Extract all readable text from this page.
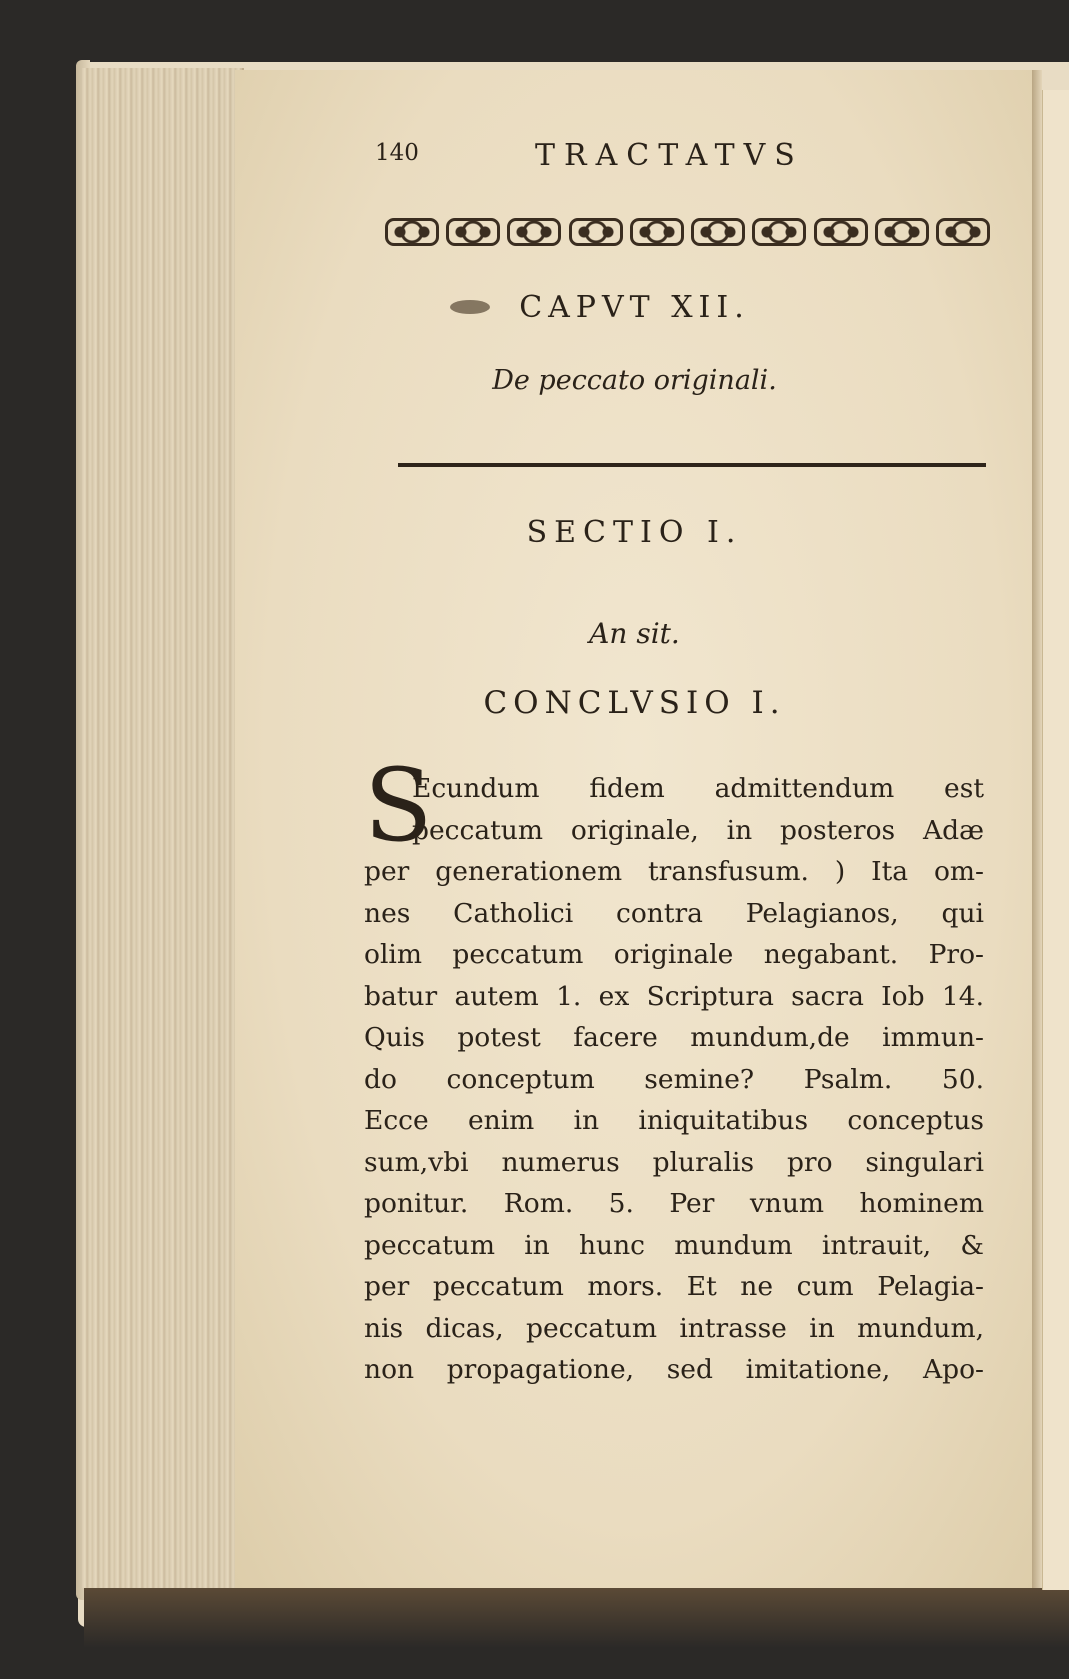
140	TRACTATVS
CAPVT XII.
De peccato originali.
SECTIO I.
An sit.
CONCLVSIO I.
S
Ecundum fidem admittendum est
peccatum originale, in posteros Adæ
per generationem transfusum. ) Ita om-
nes Catholici contra Pelagianos, qui
olim peccatum originale negabant. Pro-
batur autem 1. ex Scriptura sacra Iob 14.
Quis potest facere mundum,de immun-
do conceptum semine? Psalm. 50.
Ecce enim in iniquitatibus conceptus
sum,vbi numerus pluralis pro singulari
ponitur. Rom. 5. Per vnum hominem
peccatum in hunc mundum intrauit, &
per peccatum mors. Et ne cum Pelagia-
nis dicas, peccatum intrasse in mundum,
non propagatione, sed imitatione, Apo-
